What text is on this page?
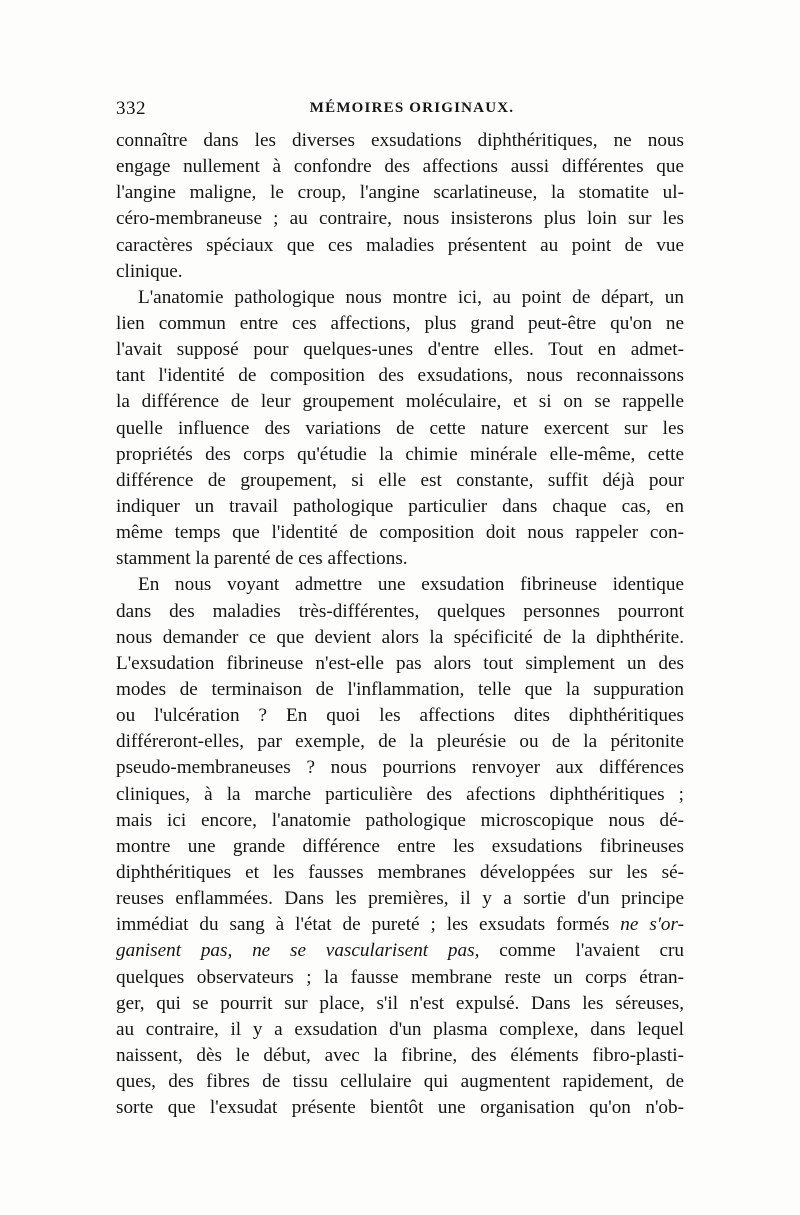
332	MÉMOIRES ORIGINAUX.
connaître dans les diverses exsudations diphthéritiques, ne nous
engage nullement à confondre des affections aussi différentes que
l'angine maligne, le croup, l'angine scarlatineuse, la stomatite ul-
céro-membraneuse ; au contraire, nous insisterons plus loin sur les
caractères spéciaux que ces maladies présentent au point de vue
clinique.
L'anatomie pathologique nous montre ici, au point de départ, un
lien commun entre ces affections, plus grand peut-être qu'on ne
l'avait supposé pour quelques-unes d'entre elles. Tout en admet-
tant l'identité de composition des exsudations, nous reconnaissons
la différence de leur groupement moléculaire, et si on se rappelle
quelle influence des variations de cette nature exercent sur les
propriétés des corps qu'étudie la chimie minérale elle-même, cette
différence de groupement, si elle est constante, suffit déjà pour
indiquer un travail pathologique particulier dans chaque cas, en
même temps que l'identité de composition doit nous rappeler con-
stamment la parenté de ces affections.
En nous voyant admettre une exsudation fibrineuse identique
dans des maladies très-différentes, quelques personnes pourront
nous demander ce que devient alors la spécificité de la diphthérite.
L'exsudation fibrineuse n'est-elle pas alors tout simplement un des
modes de terminaison de l'inflammation, telle que la suppuration
ou l'ulcération ? En quoi les affections dites diphthéritiques
différeront-elles, par exemple, de la pleurésie ou de la péritonite
pseudo-membraneuses ? nous pourrions renvoyer aux différences
cliniques, à la marche particulière des afections diphthéritiques ;
mais ici encore, l'anatomie pathologique microscopique nous dé-
montre une grande différence entre les exsudations fibrineuses
diphthéritiques et les fausses membranes développées sur les sé-
reuses enflammées. Dans les premières, il y a sortie d'un principe
immédiat du sang à l'état de pureté ; les exsudats formés ne s'or-
ganisent pas, ne se vascularisent pas, comme l'avaient cru
quelques observateurs ; la fausse membrane reste un corps étran-
ger, qui se pourrit sur place, s'il n'est expulsé. Dans les séreuses,
au contraire, il y a exsudation d'un plasma complexe, dans lequel
naissent, dès le début, avec la fibrine, des éléments fibro-plasti-
ques, des fibres de tissu cellulaire qui augmentent rapidement, de
sorte que l'exsudat présente bientôt une organisation qu'on n'ob-
